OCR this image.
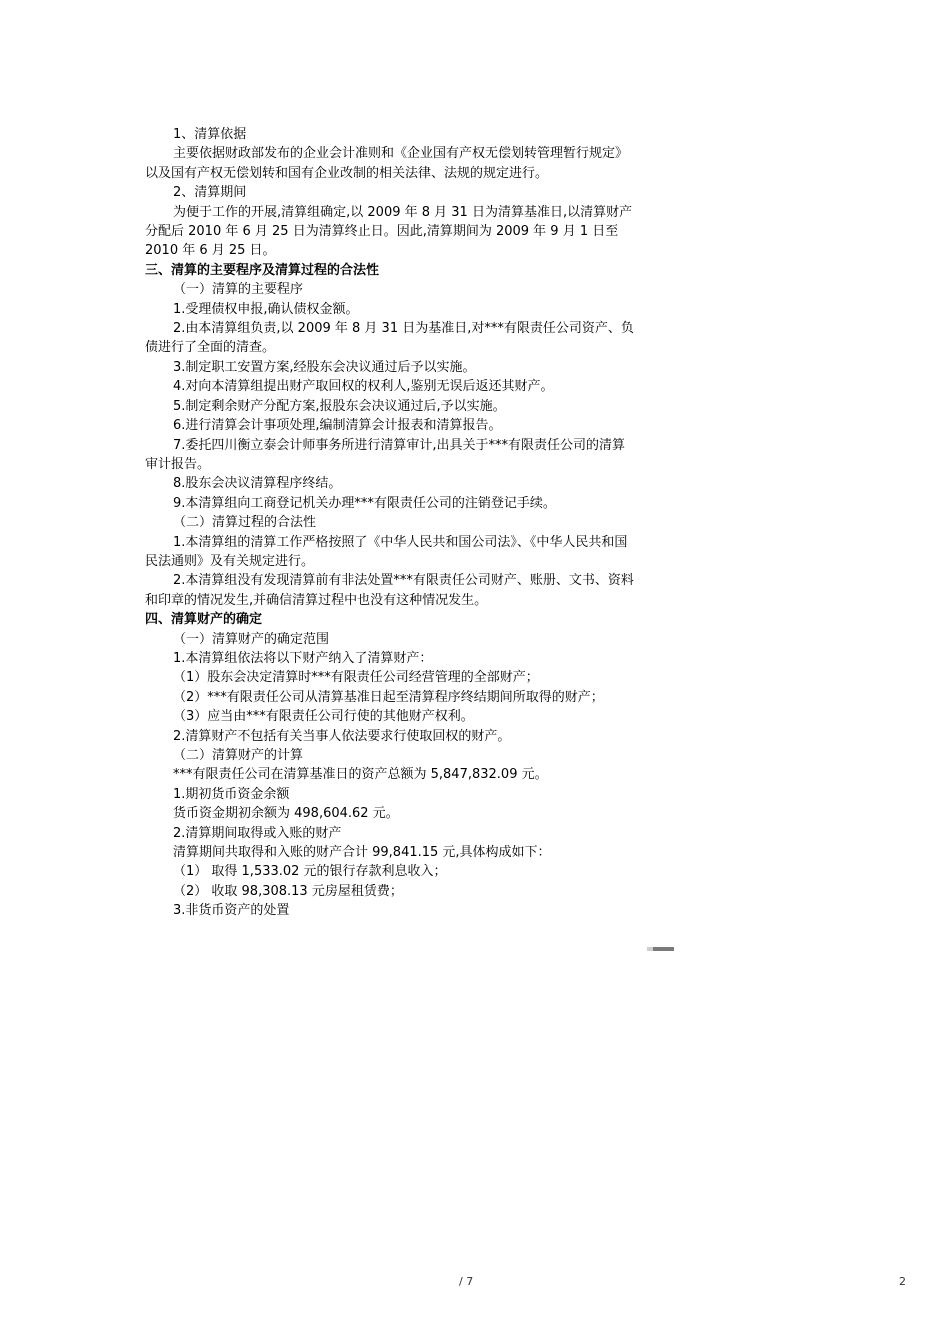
1、清算依据

主要依据财政部发布的企业会计准则和《企业国有产权无偿划转管理暂行规定》以及国有产权无偿划转和国有企业改制的相关法律、法规的规定进行。

2、清算期间

为便于工作的开展,清算组确定,以 2009 年 8 月 31 日为清算基准日,以清算财产分配后 2010 年 6 月 25 日为清算终止日。因此,清算期间为 2009 年 9 月 1 日至 2010 年 6 月 25 日。

三、清算的主要程序及清算过程的合法性

（一）清算的主要程序

1.受理债权申报,确认债权金额。

2.由本清算组负责,以 2009 年 8 月 31 日为基准日,对***有限责任公司资产、负债进行了全面的清查。

3.制定职工安置方案,经股东会决议通过后予以实施。

4.对向本清算组提出财产取回权的权利人,鉴别无误后返还其财产。

5.制定剩余财产分配方案,报股东会决议通过后,予以实施。

6.进行清算会计事项处理,编制清算会计报表和清算报告。

7.委托四川衡立泰会计师事务所进行清算审计,出具关于***有限责任公司的清算审计报告。

8.股东会决议清算程序终结。

9.本清算组向工商登记机关办理***有限责任公司的注销登记手续。

（二）清算过程的合法性

1.本清算组的清算工作严格按照了《中华人民共和国公司法》、《中华人民共和国民法通则》及有关规定进行。

2.本清算组没有发现清算前有非法处置***有限责任公司财产、账册、文书、资料和印章的情况发生,并确信清算过程中也没有这种情况发生。

四、清算财产的确定

（一）清算财产的确定范围

1.本清算组依法将以下财产纳入了清算财产：

（1）股东会决定清算时***有限责任公司经营管理的全部财产；

（2）***有限责任公司从清算基准日起至清算程序终结期间所取得的财产；

（3）应当由***有限责任公司行使的其他财产权利。

2.清算财产不包括有关当事人依法要求行使取回权的财产。

（二）清算财产的计算

***有限责任公司在清算基准日的资产总额为 5,847,832.09 元。

1.期初货币资金余额

货币资金期初余额为 498,604.62 元。

2.清算期间取得或入账的财产

清算期间共取得和入账的财产合计 99,841.15 元,具体构成如下：

（1） 取得 1,533.02 元的银行存款利息收入；

（2） 收取 98,308.13 元房屋租赁费；

3.非货币资产的处置

/ 7	2
